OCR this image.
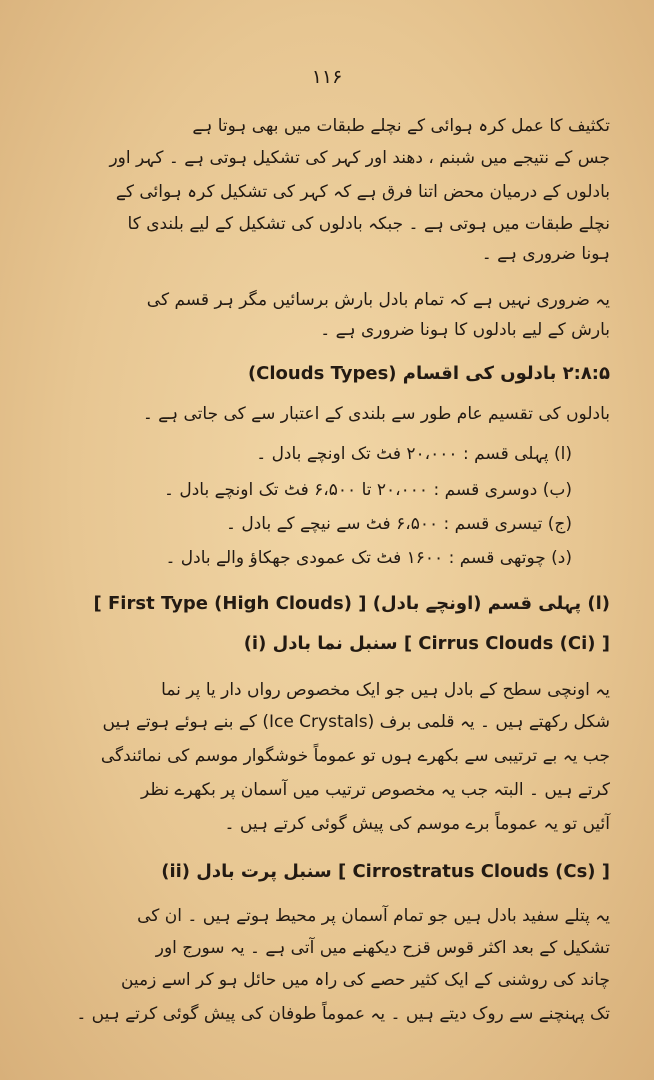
۱۱۶
تکثیف کا عمل کرہ ہوائی کے نچلے طبقات میں بھی ہوتا ہے
جس کے نتیجے میں شبنم ، دھند اور کہر کی تشکیل ہوتی ہے ۔ کہر اور
بادلوں کے درمیان محض اتنا فرق ہے کہ کہر کی تشکیل کرہ ہوائی کے
نچلے طبقات میں ہوتی ہے ۔ جبکہ بادلوں کی تشکیل کے لیے بلندی کا
ہونا ضروری ہے ۔
یہ ضروری نہیں ہے کہ تمام بادل بارش برسائیں مگر ہر قسم کی
بارش کے لیے بادلوں کا ہونا ضروری ہے ۔
۲:۸:۵ بادلوں کی اقسام (Clouds Types)
بادلوں کی تقسیم عام طور سے بلندی کے اعتبار سے کی جاتی ہے ۔
(ا) پہلی قسم : ۲۰،۰۰۰ فٹ تک اونچے بادل ۔
(ب) دوسری قسم : ۲۰،۰۰۰ تا ۶،۵۰۰ فٹ تک اونچے بادل ۔
(ج) تیسری قسم : ۶،۵۰۰ فٹ سے نیچے کے بادل ۔
(د) چوتھی قسم : ۱۶۰۰ فٹ تک عمودی جھکاؤ والے بادل ۔
(ا) پہلی قسم (اونچے بادل) [ First Type (High Clouds) ]
(i) سنبل نما بادل [ Cirrus Clouds (Ci) ]
یہ اونچی سطح کے بادل ہیں جو ایک مخصوص رواں دار یا پر نما
شکل رکھتے ہیں ۔ یہ قلمی برف (Ice Crystals) کے بنے ہوئے ہوتے ہیں
جب یہ بے ترتیبی سے بکھرے ہوں تو عموماً خوشگوار موسم کی نمائندگی
کرتے ہیں ۔ البتہ جب یہ مخصوص ترتیب میں آسمان پر بکھرے نظر
آئیں تو یہ عموماً برے موسم کی پیش گوئی کرتے ہیں ۔
(ii) سنبل پرت بادل [ Cirrostratus Clouds (Cs) ]
یہ پتلے سفید بادل ہیں جو تمام آسمان پر محیط ہوتے ہیں ۔ ان کی
تشکیل کے بعد اکثر قوس قزح دیکھنے میں آتی ہے ۔ یہ سورج اور
چاند کی روشنی کے ایک کثیر حصے کی راہ میں حائل ہو کر اسے زمین
تک پہنچنے سے روک دیتے ہیں ۔ یہ عموماً طوفان کی پیش گوئی کرتے ہیں ۔
